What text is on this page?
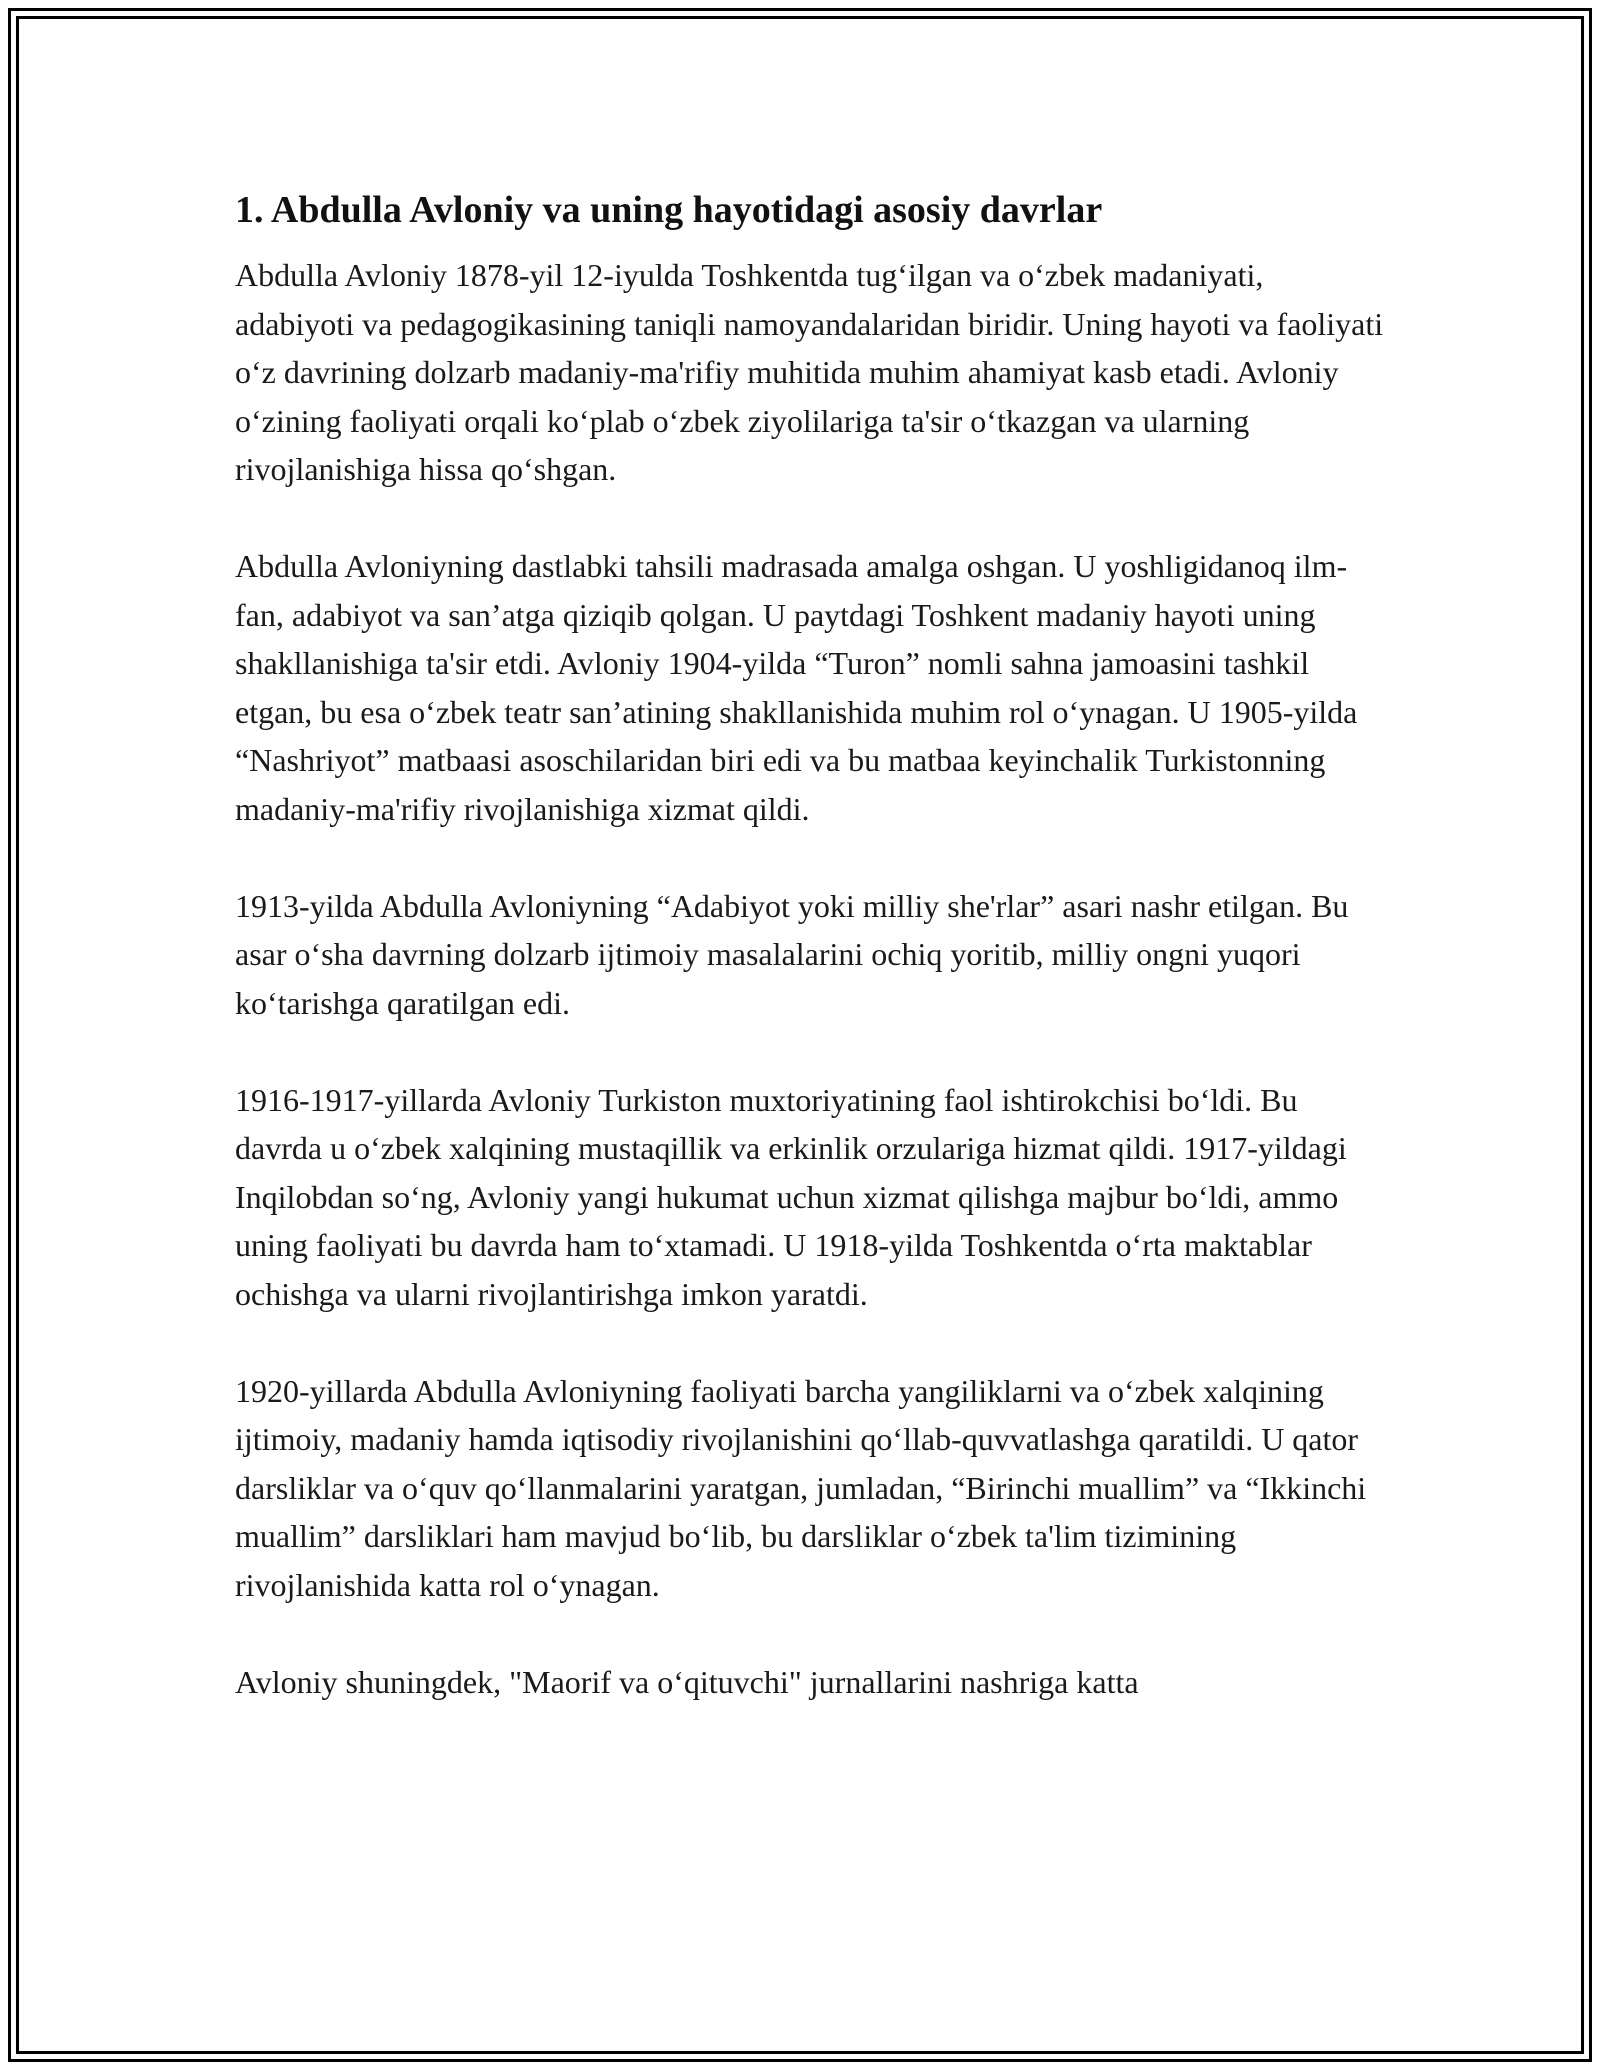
1. Abdulla Avloniy va uning hayotidagi asosiy davrlar

Abdulla Avloniy 1878-yil 12-iyulda Toshkentda tug‘ilgan va o‘zbek madaniyati, adabiyoti va pedagogikasining taniqli namoyandalaridan biridir. Uning hayoti va faoliyati o‘z davrining dolzarb madaniy-ma'rifiy muhitida muhim ahamiyat kasb etadi. Avloniy o‘zining faoliyati orqali ko‘plab o‘zbek ziyolilariga ta'sir o‘tkazgan va ularning rivojlanishiga hissa qo‘shgan.

Abdulla Avloniyning dastlabki tahsili madrasada amalga oshgan. U yoshligidanoq ilm-fan, adabiyot va san’atga qiziqib qolgan. U paytdagi Toshkent madaniy hayoti uning shakllanishiga ta'sir etdi. Avloniy 1904-yilda “Turon” nomli sahna jamoasini tashkil etgan, bu esa o‘zbek teatr san’atining shakllanishida muhim rol o‘ynagan. U 1905-yilda “Nashriyot” matbaasi asoschilaridan biri edi va bu matbaa keyinchalik Turkistonning madaniy-ma'rifiy rivojlanishiga xizmat qildi.

1913-yilda Abdulla Avloniyning “Adabiyot yoki milliy she'rlar” asari nashr etilgan. Bu asar o‘sha davrning dolzarb ijtimoiy masalalarini ochiq yoritib, milliy ongni yuqori ko‘tarishga qaratilgan edi.

1916-1917-yillarda Avloniy Turkiston muxtoriyatining faol ishtirokchisi bo‘ldi. Bu davrda u o‘zbek xalqining mustaqillik va erkinlik orzulariga hizmat qildi. 1917-yildagi Inqilobdan so‘ng, Avloniy yangi hukumat uchun xizmat qilishga majbur bo‘ldi, ammo uning faoliyati bu davrda ham to‘xtamadi. U 1918-yilda Toshkentda o‘rta maktablar ochishga va ularni rivojlantirishga imkon yaratdi.

1920-yillarda Abdulla Avloniyning faoliyati barcha yangiliklarni va o‘zbek xalqining ijtimoiy, madaniy hamda iqtisodiy rivojlanishini qo‘llab-quvvatlashga qaratildi. U qator darsliklar va o‘quv qo‘llanmalarini yaratgan, jumladan, “Birinchi muallim” va “Ikkinchi muallim” darsliklari ham mavjud bo‘lib, bu darsliklar o‘zbek ta'lim tizimining rivojlanishida katta rol o‘ynagan.

Avloniy shuningdek, "Maorif va o‘qituvchi" jurnallarini nashriga katta
